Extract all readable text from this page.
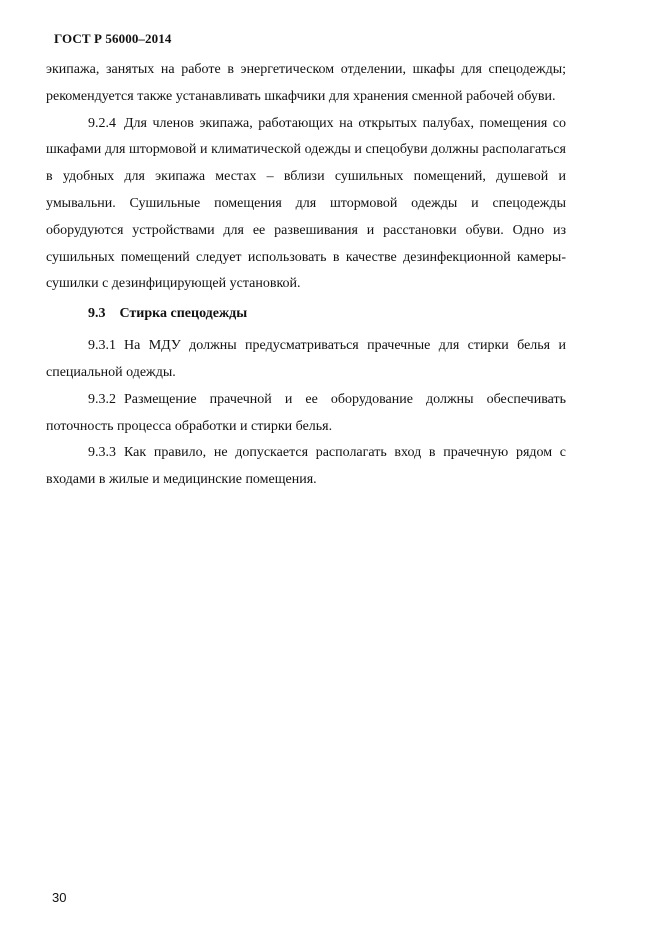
ГОСТ Р 56000–2014

экипажа, занятых на работе в энергетическом отделении, шкафы для спецодежды; рекомендуется также устанавливать шкафчики для хранения сменной рабочей обуви.

9.2.4 Для членов экипажа, работающих на открытых палубах, помещения со шкафами для штормовой и климатической одежды и спецобуви должны располагаться в удобных для экипажа местах – вблизи сушильных помещений, душевой и умывальни. Сушильные помещения для штормовой одежды и спецодежды оборудуются устройствами для ее развешивания и расстановки обуви. Одно из сушильных помещений следует использовать в качестве дезинфекционной камеры-сушилки с дезинфицирующей установкой.

9.3 Стирка спецодежды

9.3.1 На МДУ должны предусматриваться прачечные для стирки белья и специальной одежды.

9.3.2 Размещение прачечной и ее оборудование должны обеспечивать поточность процесса обработки и стирки белья.

9.3.3 Как правило, не допускается располагать вход в прачечную рядом с входами в жилые и медицинские помещения.

30
